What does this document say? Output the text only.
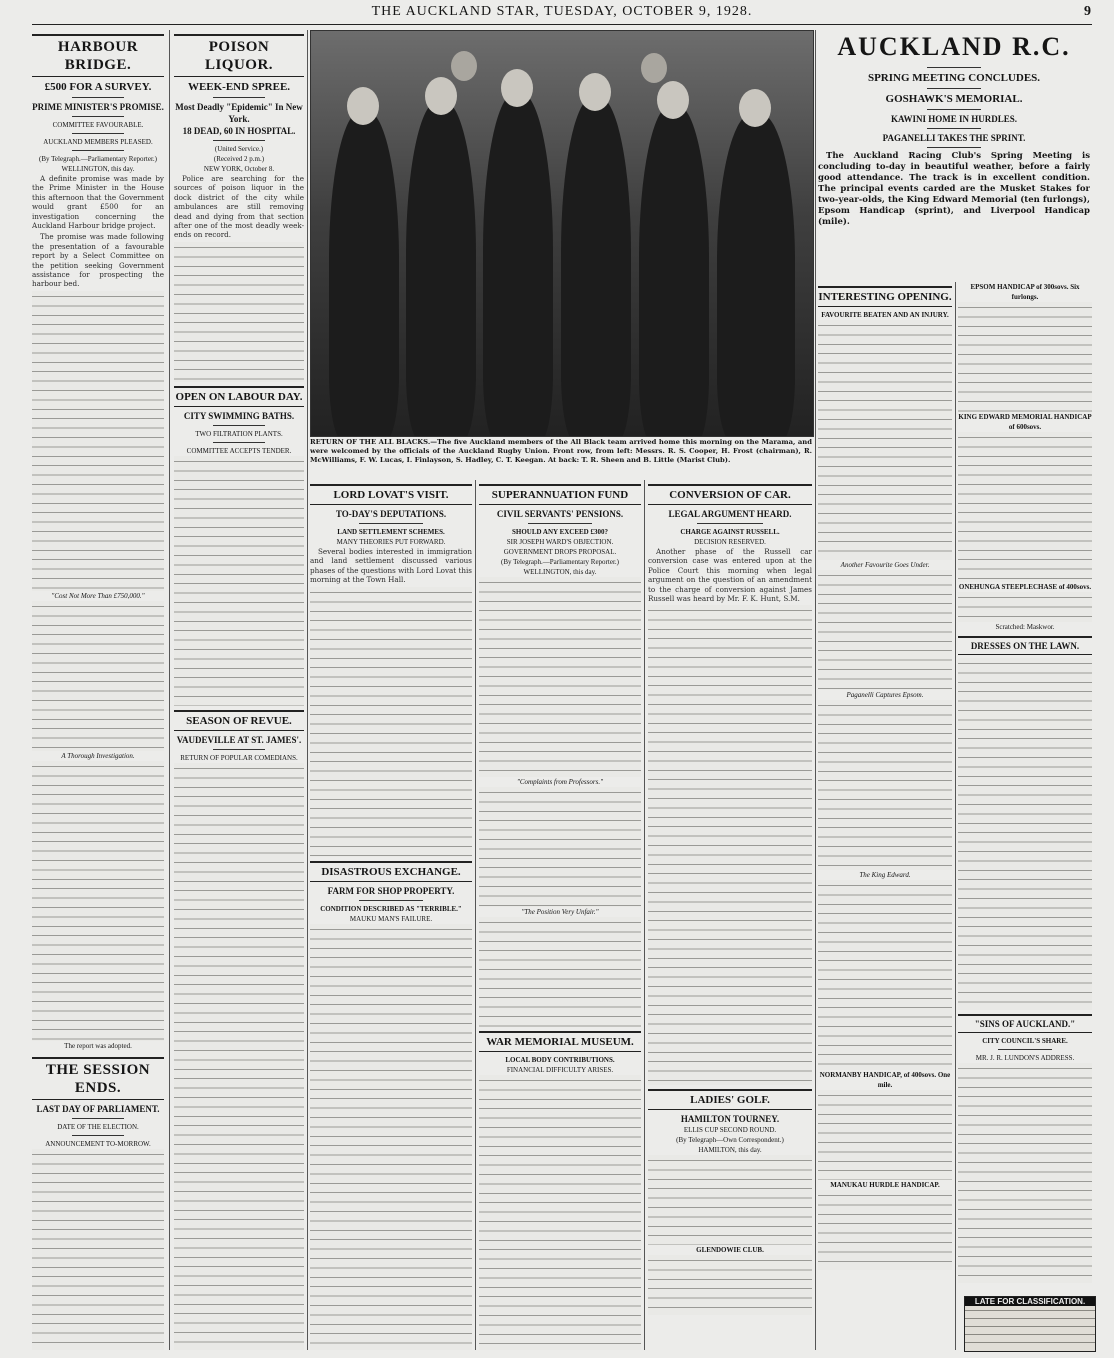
THE AUCKLAND STAR, TUESDAY, OCTOBER 9, 1928.	9
HARBOUR BRIDGE.
£500 FOR A SURVEY.
PRIME MINISTER'S PROMISE.
COMMITTEE FAVOURABLE.
AUCKLAND MEMBERS PLEASED.
(By Telegraph.—Parliamentary Reporter.)
WELLINGTON, this day.

A definite promise was made by the Prime Minister in the House this afternoon that the Government would grant £500 for an investigation concerning the Auckland Harbour bridge project.

The promise was made following the presentation of a favourable report by a Select Committee on the petition seeking Government assistance for prospecting the harbour bed.

"Cost Not More Than £750,000."
A Thorough Investigation.
The report was adopted.
THE SESSION ENDS.
LAST DAY OF PARLIAMENT.
DATE OF THE ELECTION.
ANNOUNCEMENT TO-MORROW.
POISON LIQUOR.
WEEK-END SPREE.
Most Deadly "Epidemic" In New York.
18 DEAD, 60 IN HOSPITAL.
(United Service.)
(Received 2 p.m.)
NEW YORK, October 8.

Police are searching for the sources of poison liquor in the dock district of the city while ambulances are still removing dead and dying from that section after one of the most deadly week-ends on record.

OPEN ON LABOUR DAY.
CITY SWIMMING BATHS.
TWO FILTRATION PLANTS.
COMMITTEE ACCEPTS TENDER.
SEASON OF REVUE.
VAUDEVILLE AT ST. JAMES'.
RETURN OF POPULAR COMEDIANS.
RETURN OF THE ALL BLACKS.—The five Auckland members of the All Black team arrived home this morning on the Marama, and were welcomed by the officials of the Auckland Rugby Union. Front row, from left: Messrs. R. S. Cooper, H. Frost (chairman), R. McWilliams, F. W. Lucas, I. Finlayson, S. Hadley, C. T. Keegan. At back: T. R. Sheen and B. Little (Marist Club).
LORD LOVAT'S VISIT.
TO-DAY'S DEPUTATIONS.
LAND SETTLEMENT SCHEMES.
MANY THEORIES PUT FORWARD.

Several bodies interested in immigration and land settlement discussed various phases of the questions with Lord Lovat this morning at the Town Hall.

DISASTROUS EXCHANGE.
FARM FOR SHOP PROPERTY.
CONDITION DESCRIBED AS "TERRIBLE."
MAUKU MAN'S FAILURE.
SUPERANNUATION FUND
CIVIL SERVANTS' PENSIONS.
SHOULD ANY EXCEED £300?
SIR JOSEPH WARD'S OBJECTION.
GOVERNMENT DROPS PROPOSAL.
(By Telegraph.—Parliamentary Reporter.)
WELLINGTON, this day.
"Complaints from Professors."
"The Position Very Unfair."
WAR MEMORIAL MUSEUM.
LOCAL BODY CONTRIBUTIONS.
FINANCIAL DIFFICULTY ARISES.
CONVERSION OF CAR.
LEGAL ARGUMENT HEARD.
CHARGE AGAINST RUSSELL.
DECISION RESERVED.

Another phase of the Russell car conversion case was entered upon at the Police Court this morning when legal argument on the question of an amendment to the charge of conversion against James Russell was heard by Mr. F. K. Hunt, S.M.

LADIES' GOLF.
HAMILTON TOURNEY.
ELLIS CUP SECOND ROUND.
(By Telegraph—Own Correspondent.)
HAMILTON, this day.
GLENDOWIE CLUB.
AUCKLAND R.C.
SPRING MEETING CONCLUDES.
GOSHAWK'S MEMORIAL.
KAWINI HOME IN HURDLES.
PAGANELLI TAKES THE SPRINT.

The Auckland Racing Club's Spring Meeting is concluding to-day in beautiful weather, before a fairly good attendance. The track is in excellent condition. The principal events carded are the Musket Stakes for two-year-olds, the King Edward Memorial (ten furlongs), Epsom Handicap (sprint), and Liverpool Handicap (mile).

INTERESTING OPENING.
FAVOURITE BEATEN AND AN INJURY.
Another Favourite Goes Under.
Paganelli Captures Epsom.
The King Edward.
NORMANBY HANDICAP, of 400sovs. One mile.
MANUKAU HURDLE HANDICAP.
EPSOM HANDICAP of 300sovs. Six furlongs.
KING EDWARD MEMORIAL HANDICAP of 600sovs.
ONEHUNGA STEEPLECHASE of 400sovs.
Scratched: Maskwor.
DRESSES ON THE LAWN.
"SINS OF AUCKLAND."
CITY COUNCIL'S SHARE.
MR. J. R. LUNDON'S ADDRESS.
LATE FOR CLASSIFICATION.
